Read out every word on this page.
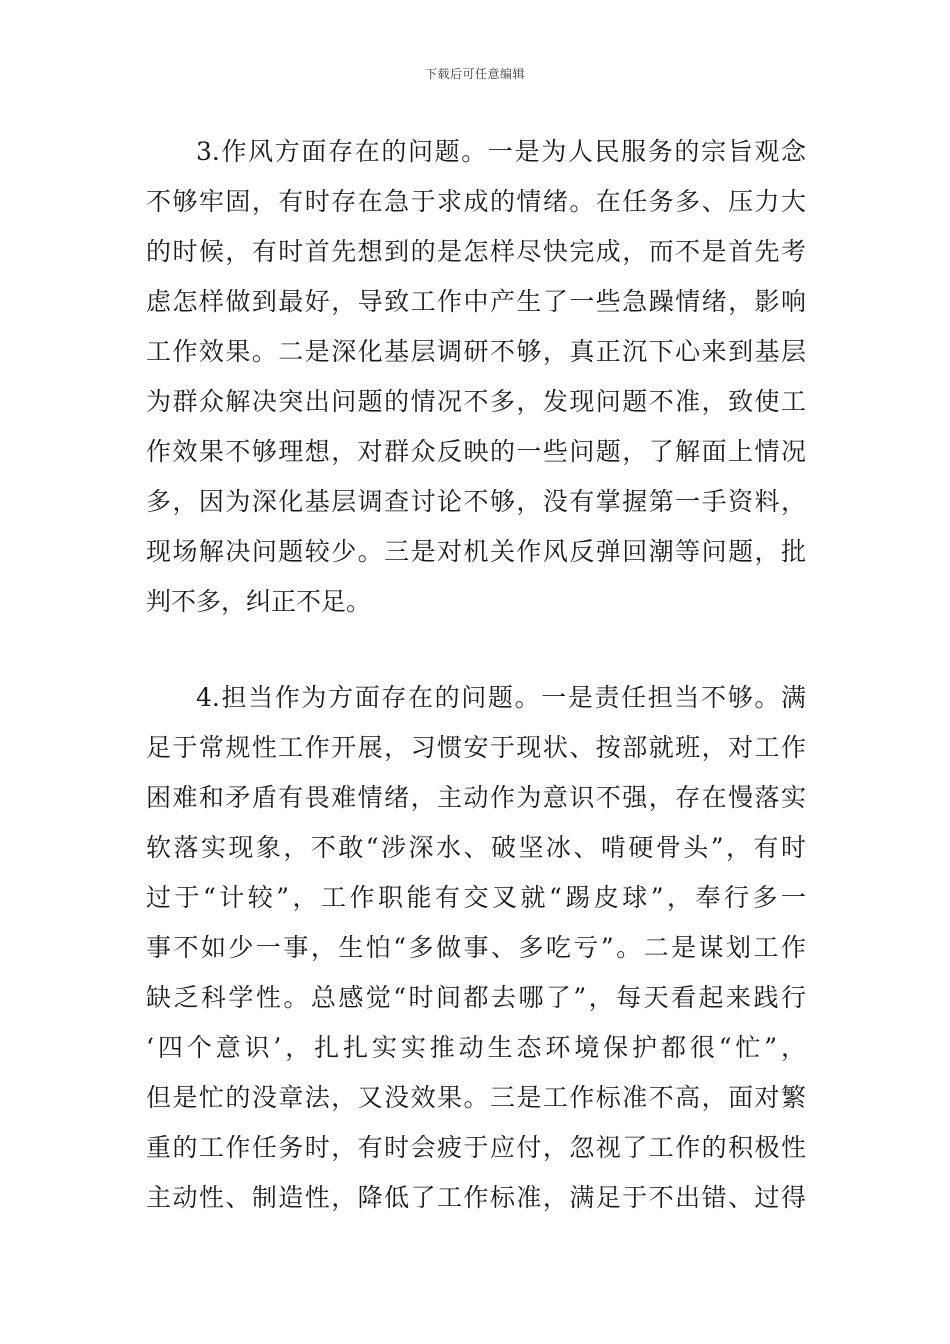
下载后可任意编辑
3.作风方面存在的问题。一是为人民服务的宗旨观念
不够牢固，有时存在急于求成的情绪。在任务多、压力大
的时候，有时首先想到的是怎样尽快完成，而不是首先考
虑怎样做到最好，导致工作中产生了一些急躁情绪，影响
工作效果。二是深化基层调研不够，真正沉下心来到基层
为群众解决突出问题的情况不多，发现问题不准，致使工
作效果不够理想，对群众反映的一些问题，了解面上情况
多，因为深化基层调查讨论不够，没有掌握第一手资料，
现场解决问题较少。三是对机关作风反弹回潮等问题，批
判不多，纠正不足。
4.担当作为方面存在的问题。一是责任担当不够。满
足于常规性工作开展，习惯安于现状、按部就班，对工作
困难和矛盾有畏难情绪，主动作为意识不强，存在慢落实
软落实现象，不敢“涉深水、破坚冰、啃硬骨头”，有时
过于“计较”，工作职能有交叉就“踢皮球”，奉行多一
事不如少一事，生怕“多做事、多吃亏”。二是谋划工作
缺乏科学性。总感觉“时间都去哪了”，每天看起来践行
‘四个意识’，扎扎实实推动生态环境保护都很“忙”，
但是忙的没章法，又没效果。三是工作标准不高，面对繁
重的工作任务时，有时会疲于应付，忽视了工作的积极性
主动性、制造性，降低了工作标准，满足于不出错、过得
